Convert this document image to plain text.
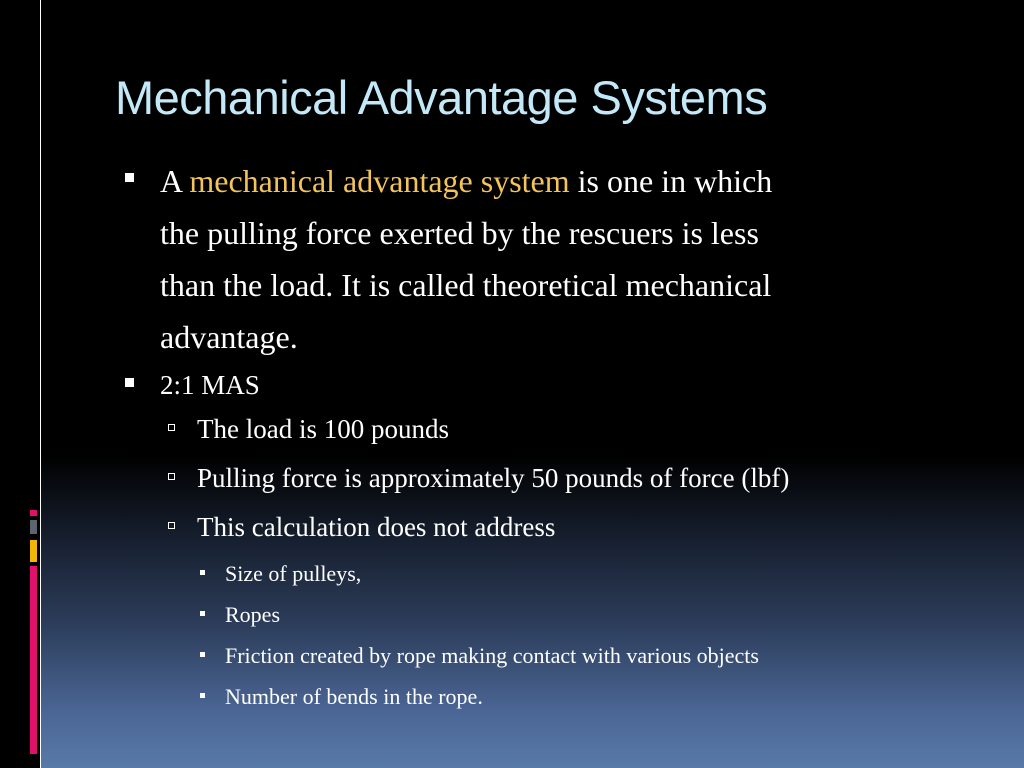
Mechanical Advantage Systems
A mechanical advantage system is one in which
the pulling force exerted by the rescuers is less
than the load. It is called theoretical mechanical
advantage.
2:1 MAS
The load is 100 pounds
Pulling force is approximately 50 pounds of force (lbf)
This calculation does not address
Size of pulleys,
Ropes
Friction created by rope making contact with various objects
Number of bends in the rope.
